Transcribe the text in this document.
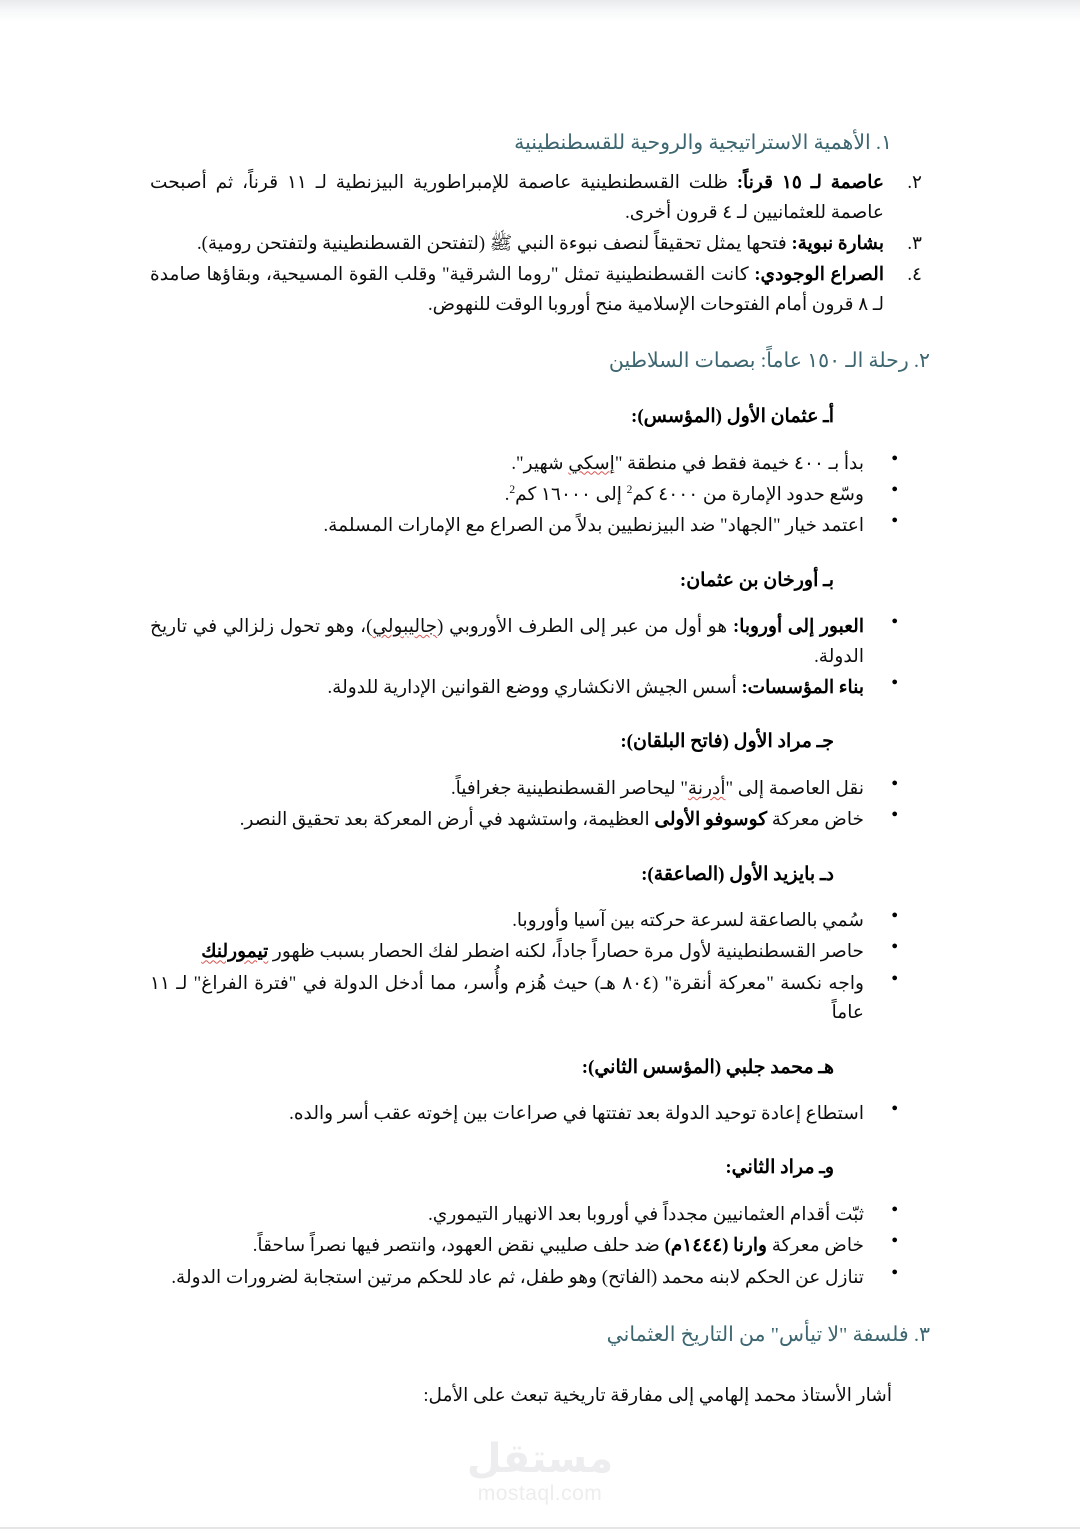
١. الأهمية الاستراتيجية والروحية للقسطنطينية

٢.
عاصمة لـ ١٥ قرناً: ظلت القسطنطينية عاصمة للإمبراطورية البيزنطية لـ ١١ قرناً، ثم أصبحت عاصمة للعثمانيين لـ ٤ قرون أخرى.
٣.
بشارة نبوية: فتحها يمثل تحقيقاً لنصف نبوءة النبي ﷺ (لتفتحن القسطنطينية ولتفتحن رومية).
٤.
الصراع الوجودي: كانت القسطنطينية تمثل "روما الشرقية" وقلب القوة المسيحية، وبقاؤها صامدة لـ ٨ قرون أمام الفتوحات الإسلامية منح أوروبا الوقت للنهوض.

٢. رحلة الـ ١٥٠ عاماً: بصمات السلاطين

أـ عثمان الأول (المؤسس):

● بدأ بـ ٤٠٠ خيمة فقط في منطقة "إسكي شهير".
● وسّع حدود الإمارة من ٤٠٠٠ كم$^2$ إلى ١٦٠٠٠ كم$^2$.
● اعتمد خيار "الجهاد" ضد البيزنطيين بدلاً من الصراع مع الإمارات المسلمة.

بـ أورخان بن عثمان:

● العبور إلى أوروبا: هو أول من عبر إلى الطرف الأوروبي (جاليبولي)، وهو تحول زلزالي في تاريخ الدولة.
● بناء المؤسسات: أسس الجيش الانكشاري ووضع القوانين الإدارية للدولة.

جـ مراد الأول (فاتح البلقان):

● نقل العاصمة إلى "أدرنة" ليحاصر القسطنطينية جغرافياً.
● خاض معركة كوسوفو الأولى العظيمة، واستشهد في أرض المعركة بعد تحقيق النصر.

دـ بايزيد الأول (الصاعقة):

● سُمي بالصاعقة لسرعة حركته بين آسيا وأوروبا.
● حاصر القسطنطينية لأول مرة حصاراً جاداً، لكنه اضطر لفك الحصار بسبب ظهور تيمورلنك
● واجه نكسة "معركة أنقرة" (٨٠٤ هـ) حيث هُزم وأُسر، مما أدخل الدولة في "فترة الفراغ" لـ ١١ عاماً

هـ محمد جلبي (المؤسس الثاني):

● استطاع إعادة توحيد الدولة بعد تفتتها في صراعات بين إخوته عقب أسر والده.

وـ مراد الثاني:

● ثبّت أقدام العثمانيين مجدداً في أوروبا بعد الانهيار التيموري.
● خاض معركة وارنا (١٤٤٤م) ضد حلف صليبي نقض العهود، وانتصر فيها نصراً ساحقاً.
● تنازل عن الحكم لابنه محمد (الفاتح) وهو طفل، ثم عاد للحكم مرتين استجابة لضرورات الدولة.

٣. فلسفة "لا تيأس" من التاريخ العثماني

أشار الأستاذ محمد إلهامي إلى مفارقة تاريخية تبعث على الأمل:

مستقل
mostaql.com
